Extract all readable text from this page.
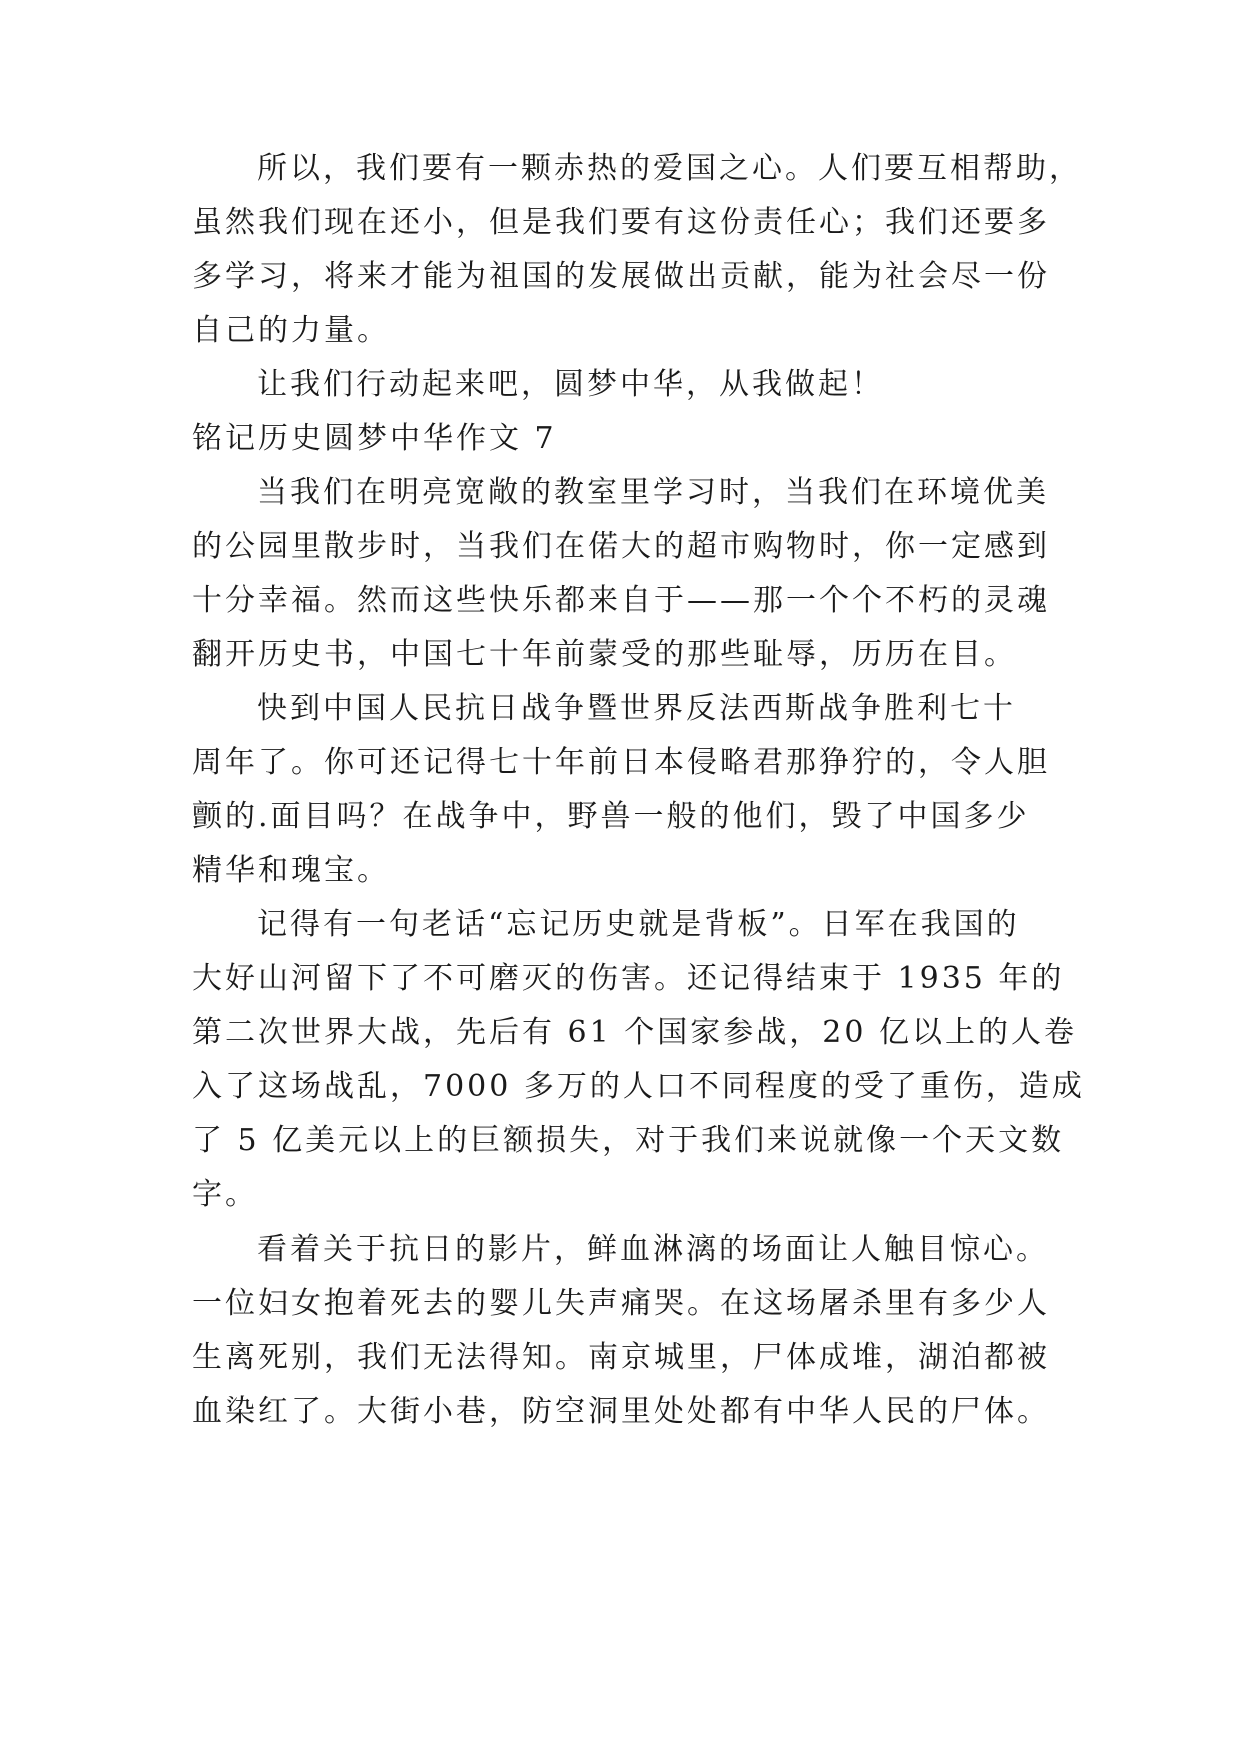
所以，我们要有一颗赤热的爱国之心。人们要互相帮助，
虽然我们现在还小，但是我们要有这份责任心；我们还要多
多学习，将来才能为祖国的发展做出贡献，能为社会尽一份
自己的力量。
让我们行动起来吧，圆梦中华，从我做起！
铭记历史圆梦中华作文 7
当我们在明亮宽敞的教室里学习时，当我们在环境优美
的公园里散步时，当我们在偌大的超市购物时，你一定感到
十分幸福。然而这些快乐都来自于——那一个个不朽的灵魂
翻开历史书，中国七十年前蒙受的那些耻辱，历历在目。
快到中国人民抗日战争暨世界反法西斯战争胜利七十
周年了。你可还记得七十年前日本侵略君那狰狞的，令人胆
颤的.面目吗？在战争中，野兽一般的他们，毁了中国多少
精华和瑰宝。
记得有一句老话“忘记历史就是背板”。日军在我国的
大好山河留下了不可磨灭的伤害。还记得结束于 1935 年的
第二次世界大战，先后有 61 个国家参战，20 亿以上的人卷
入了这场战乱，7000 多万的人口不同程度的受了重伤，造成
了 5 亿美元以上的巨额损失，对于我们来说就像一个天文数
字。
看着关于抗日的影片，鲜血淋漓的场面让人触目惊心。
一位妇女抱着死去的婴儿失声痛哭。在这场屠杀里有多少人
生离死别，我们无法得知。南京城里，尸体成堆，湖泊都被
血染红了。大街小巷，防空洞里处处都有中华人民的尸体。
